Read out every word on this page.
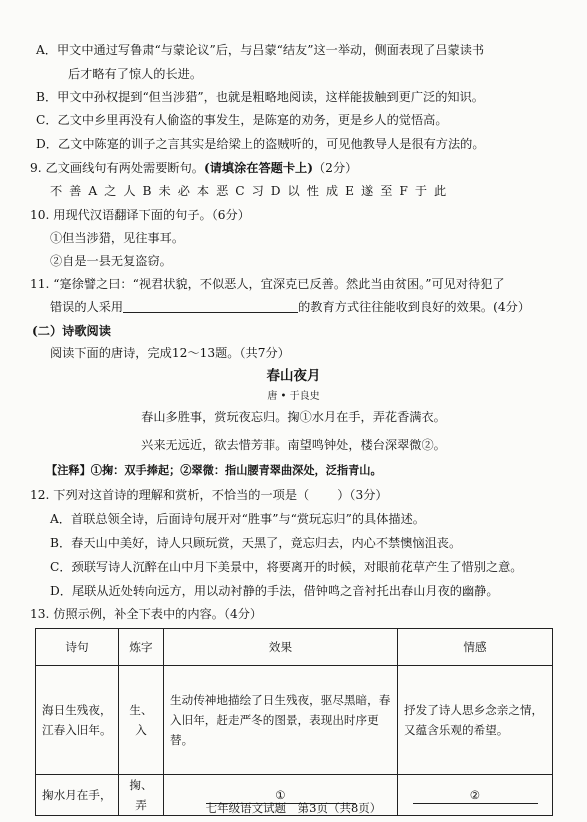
A．甲文中通过写鲁肃“与蒙论议”后，与吕蒙“结友”这一举动，侧面表现了吕蒙读书
后才略有了惊人的长进。
B．甲文中孙权提到“但当涉猎”，也就是粗略地阅读，这样能拔触到更广泛的知识。
C．乙文中乡里再没有人偷盗的事发生，是陈寔的劝务，更是乡人的觉悟高。
D．乙文中陈寔的训子之言其实是给梁上的盗贼听的，可见他教导人是很有方法的。
9. 乙文画线句有两处需要断句。(请填涂在答题卡上)（2分）
不善A之人B未必本恶C习D以性成E遂至F于此
10. 用现代汉语翻译下面的句子。（6分）
①但当涉猎，见往事耳。
②自是一县无复盗窃。
11. “寔徐譬之曰：“视君状貌，不似恶人，宜深克已反善。然此当由贫困。”可见对待犯了
错误的人采用	的教育方式往往能收到良好的效果。(4分）
(二）诗歌阅读
阅读下面的唐诗，完成12～13题。（共7分）
春山夜月
唐 • 于良史
春山多胜事，赏玩夜忘归。掬①水月在手，弄花香满衣。
兴来无远近，欲去惜芳菲。南望鸣钟处，楼台深翠微②。
【注释】①掬：双手捧起；②翠微：指山腰青翠曲深处，泛指青山。
12. 下列对这首诗的理解和赏析，不恰当的一项是（ ）（3分）
A．首联总领全诗，后面诗句展开对“胜事”与“赏玩忘归”的具体描述。
B．春天山中美好，诗人只顾玩赏，天黑了，竟忘归去，内心不禁懊恼沮丧。
C．颈联写诗人沉醉在山中月下美景中，将要离开的时候，对眼前花草产生了惜别之意。
D．尾联从近处转向远方，用以动衬静的手法，借钟鸣之音衬托出春山月夜的幽静。
13. 仿照示例，补全下表中的内容。（4分）
诗句	炼字	效果	情感

海日生残夜，
江春入旧年。	生、入	生动传神地描绘了日生残夜，驱尽黑暗，春入旧年，赶走严冬的图景，表现出时序更替。	抒发了诗人思乡念亲之情，又蕴含乐观的希望。
掬水月在手，	掬、弄	①	②
七年级语文试题　第3页（共8页）
